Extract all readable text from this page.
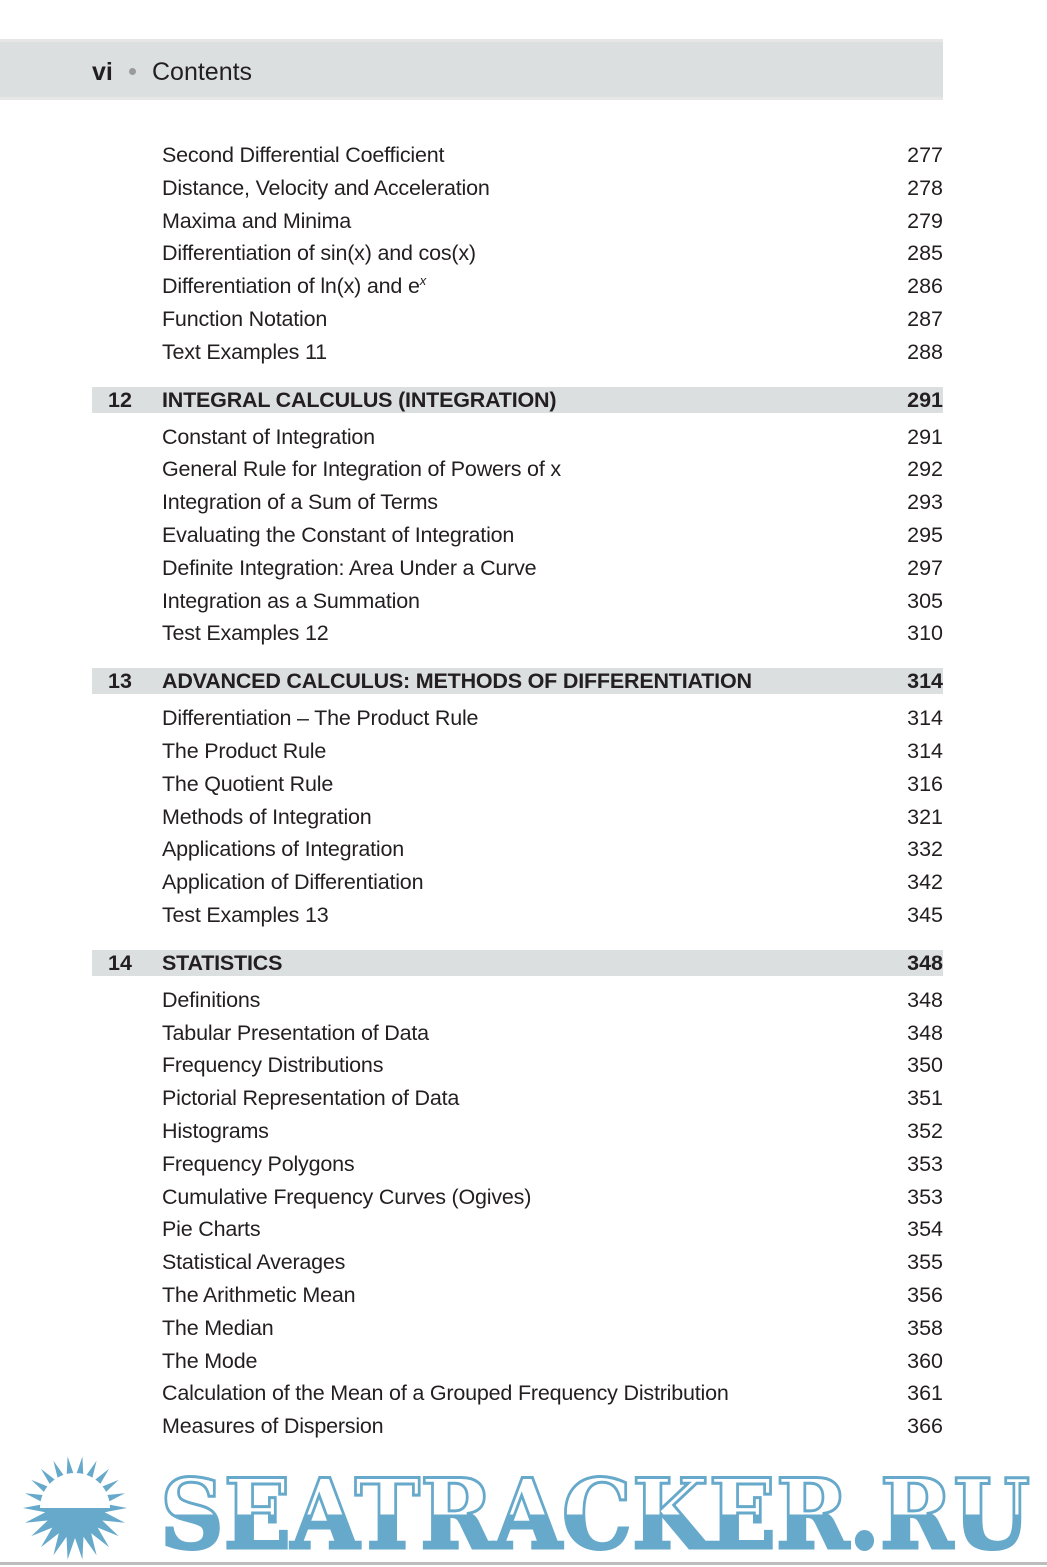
vi Contents
Second Differential Coefficient	277
Distance, Velocity and Acceleration	278
Maxima and Minima	279
Differentiation of sin(x) and cos(x)	285
Differentiation of ln(x) and $e^x$	286
Function Notation	287
Text Examples 11	288
12 INTEGRAL CALCULUS (INTEGRATION)	291
Constant of Integration	291
General Rule for Integration of Powers of x	292
Integration of a Sum of Terms	293
Evaluating the Constant of Integration	295
Definite Integration: Area Under a Curve	297
Integration as a Summation	305
Test Examples 12	310
13 ADVANCED CALCULUS: METHODS OF DIFFERENTIATION	314
Differentiation – The Product Rule	314
The Product Rule	314
The Quotient Rule	316
Methods of Integration	321
Applications of Integration	332
Application of Differentiation	342
Test Examples 13	345
14 STATISTICS	348
Definitions	348
Tabular Presentation of Data	348
Frequency Distributions	350
Pictorial Representation of Data	351
Histograms	352
Frequency Polygons	353
Cumulative Frequency Curves (Ogives)	353
Pie Charts	354
Statistical Averages	355
The Arithmetic Mean	356
The Median	358
The Mode	360
Calculation of the Mean of a Grouped Frequency Distribution	361
Measures of Dispersion	366
SEATRACKER.RU
